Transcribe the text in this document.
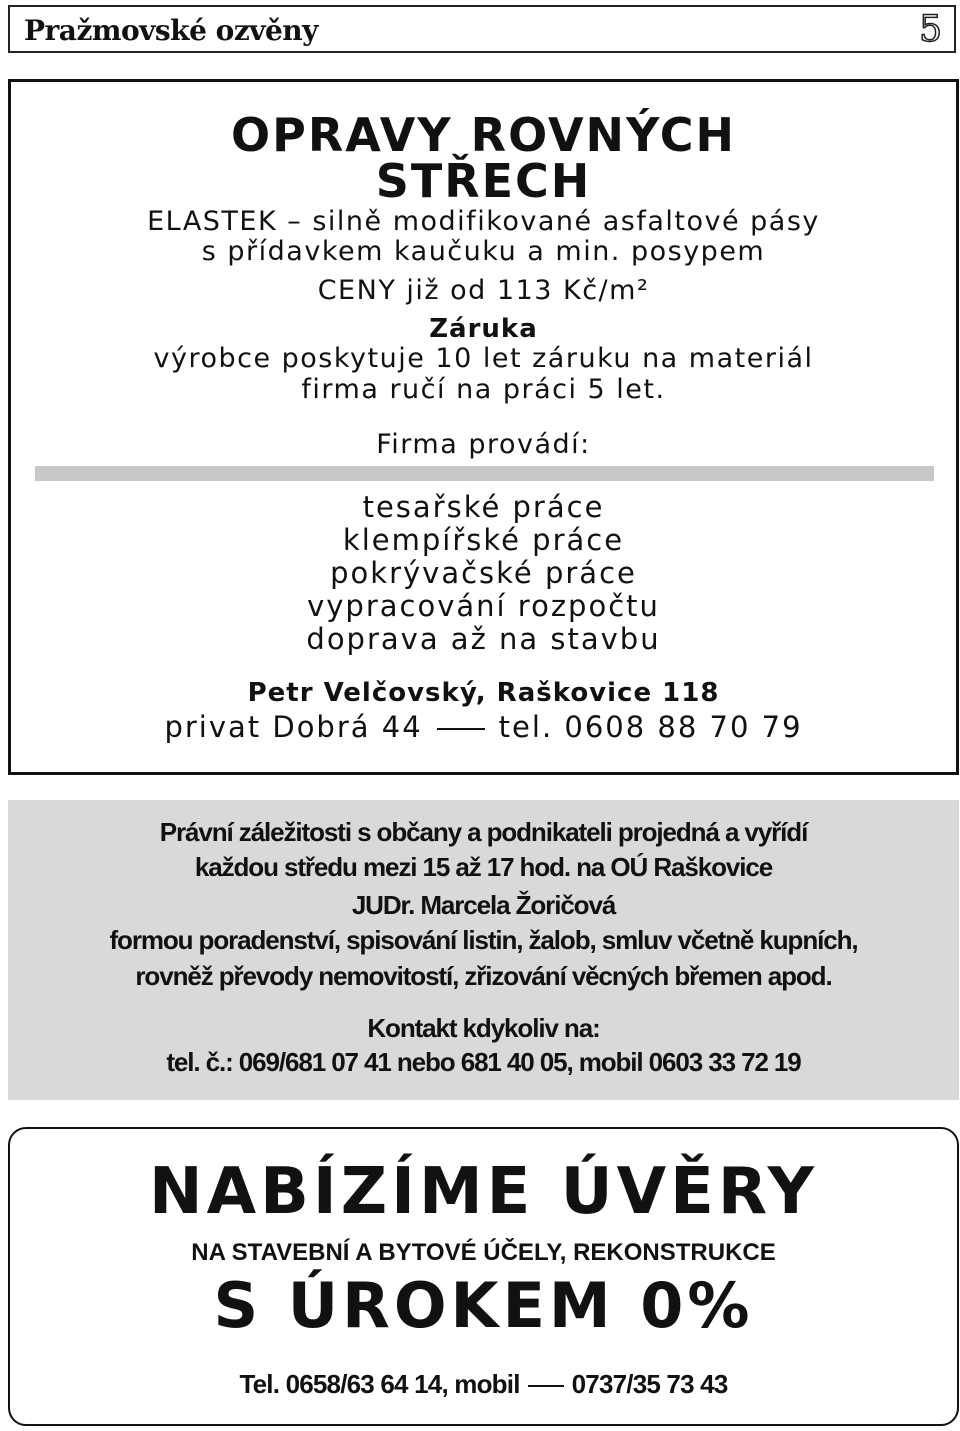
Pražmovské ozvěny	5
OPRAVY ROVNÝCH
STŘECH
ELASTEK – silně modifikované asfaltové pásy
s přídavkem kaučuku a min. posypem
CENY již od 113 Kč/m²
Záruka
výrobce poskytuje 10 let záruku na materiál
firma ručí na práci 5 let.
Firma provádí:
tesařské práce
klempířské práce
pokrývačské práce
vypracování rozpočtu
doprava až na stavbu
Petr Velčovský, Raškovice 118
privat Dobrá 44	tel. 0608 88 70 79
Právní záležitosti s občany a podnikateli projedná a vyřídí
každou středu mezi 15 až 17 hod. na OÚ Raškovice
JUDr. Marcela Žoričová
formou poradenství, spisování listin, žalob, smluv včetně kupních,
rovněž převody nemovitostí, zřizování věcných břemen apod.
Kontakt kdykoliv na:
tel. č.: 069/681 07 41 nebo 681 40 05, mobil 0603 33 72 19
NABÍZÍME ÚVĚRY
NA STAVEBNÍ A BYTOVÉ ÚČELY, REKONSTRUKCE
S ÚROKEM 0%
Tel. 0658/63 64 14, mobil 0737/35 73 43
